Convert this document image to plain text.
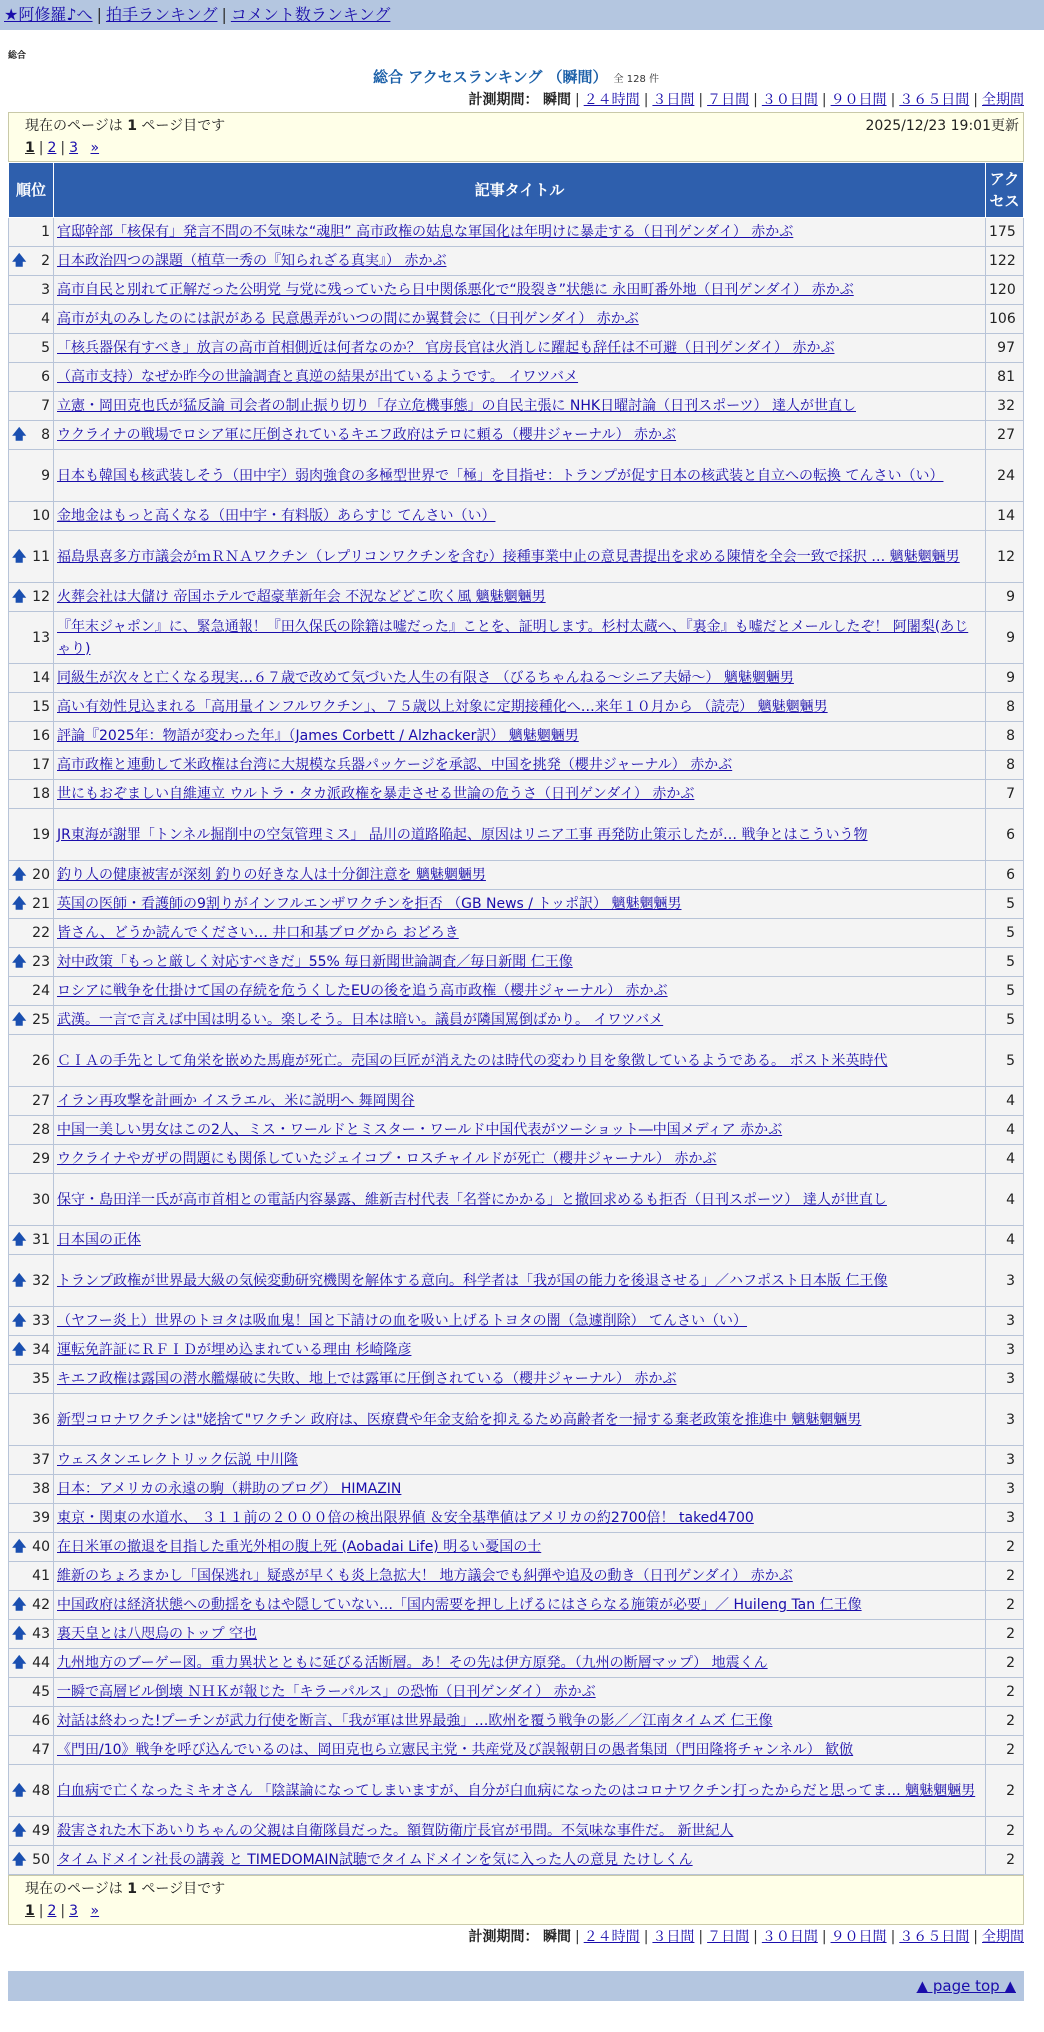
★阿修羅♪へ | 拍手ランキング | コメント数ランキング
総合
総合 アクセスランキング （瞬間） 全 128 件
計測期間： 瞬間 | ２４時間 | ３日間 | ７日間 | ３０日間 | ９０日間 | ３６５日間 | 全期間
現在のページは 1 ページ目です	2025/12/23 19:01更新
1 | 2 | 3 »
順位	記事タイトル	アクセス
1	官邸幹部「核保有」発言不問の不気味な“魂胆” 高市政権の姑息な軍国化は年明けに暴走する（日刊ゲンダイ） 赤かぶ	175

🡅 2	日本政治四つの課題（植草一秀の『知られざる真実』） 赤かぶ	122
3	高市自民と別れて正解だった公明党 与党に残っていたら日中関係悪化で“股裂き”状態に 永田町番外地（日刊ゲンダイ） 赤かぶ	120
4	高市が丸のみしたのには訳がある 民意愚弄がいつの間にか翼賛会に（日刊ゲンダイ） 赤かぶ	106
5	「核兵器保有すべき」放言の高市首相側近は何者なのか？ 官房長官は火消しに躍起も辞任は不可避（日刊ゲンダイ） 赤かぶ	97
6	（高市支持）なぜか昨今の世論調査と真逆の結果が出ているようです。 イワツバメ	81
7	立憲・岡田克也氏が猛反論 司会者の制止振り切り「存立危機事態」の自民主張に NHK日曜討論（日刊スポーツ） 達人が世直し	32

🡅 8	ウクライナの戦場でロシア軍に圧倒されているキエフ政府はテロに頼る（櫻井ジャーナル） 赤かぶ	27
9	日本も韓国も核武装しそう（田中宇）弱肉強食の多極型世界で「極」を目指せ：トランプが促す日本の核武装と自立への転換 てんさい（い）	24
10	金地金はもっと高くなる（田中宇・有料版）あらすじ てんさい（い）	14

🡅 11	福島県喜多方市議会がｍＲＮＡワクチン（レプリコンワクチンを含む）接種事業中止の意見書提出を求める陳情を全会一致で採択 … 魑魅魍魎男	12

🡅 12	火葬会社は大儲け 帝国ホテルで超豪華新年会 不況などどこ吹く風 魑魅魍魎男	9
13	『年末ジャポン』に、緊急通報！『田久保氏の除籍は嘘だった』ことを、証明します。杉村太蔵へ、『裏金』も嘘だとメールしたぞ！ 阿闍梨(あじゃり)	9
14	同級生が次々と亡くなる現実…６７歳で改めて気づいた人生の有限さ （びるちゃんねる～シニア夫婦～） 魑魅魍魎男	9
15	高い有効性見込まれる「高用量インフルワクチン」、７５歳以上対象に定期接種化へ…来年１０月から （読売） 魑魅魍魎男	8
16	評論『2025年：物語が変わった年』（James Corbett / Alzhacker訳） 魑魅魍魎男	8
17	高市政権と連動して米政権は台湾に大規模な兵器パッケージを承認、中国を挑発（櫻井ジャーナル） 赤かぶ	8
18	世にもおぞましい自維連立 ウルトラ・タカ派政権を暴走させる世論の危うさ（日刊ゲンダイ） 赤かぶ	7
19	JR東海が謝罪「トンネル掘削中の空気管理ミス」 品川の道路陥起、原因はリニア工事 再発防止策示したが… 戦争とはこういう物	6

🡅 20	釣り人の健康被害が深刻 釣りの好きな人は十分御注意を 魑魅魍魎男	6

🡅 21	英国の医師・看護師の9割りがインフルエンザワクチンを拒否 （GB News / トッポ訳） 魑魅魍魎男	5
22	皆さん、どうか読んでください… 井口和基ブログから おどろき	5

🡅 23	対中政策「もっと厳しく対応すべきだ」55% 毎日新聞世論調査／毎日新聞 仁王像	5
24	ロシアに戦争を仕掛けて国の存続を危うくしたEUの後を追う高市政権（櫻井ジャーナル） 赤かぶ	5

🡅 25	武漢。一言で言えば中国は明るい。楽しそう。日本は暗い。議員が隣国罵倒ばかり。 イワツバメ	5
26	ＣＩＡの手先として角栄を嵌めた馬鹿が死亡。売国の巨匠が消えたのは時代の変わり目を象徴しているようである。 ポスト米英時代	5
27	イラン再攻撃を計画か イスラエル、米に説明へ 舞岡関谷	4
28	中国一美しい男女はこの2人、ミス・ワールドとミスター・ワールド中国代表がツーショット―中国メディア 赤かぶ	4
29	ウクライナやガザの問題にも関係していたジェイコブ・ロスチャイルドが死亡（櫻井ジャーナル） 赤かぶ	4
30	保守・島田洋一氏が高市首相との電話内容暴露、維新吉村代表「名誉にかかる」と撤回求めるも拒否（日刊スポーツ） 達人が世直し	4

🡅 31	日本国の正体	4

🡅 32	トランプ政権が世界最大級の気候変動研究機関を解体する意向。科学者は「我が国の能力を後退させる」／ハフポスト日本版 仁王像	3

🡅 33	（ヤフー炎上）世界のトヨタは吸血鬼！国と下請けの血を吸い上げるトヨタの闇（急遽削除） てんさい（い）	3

🡅 34	運転免許証にＲＦＩＤが埋め込まれている理由 杉崎隆彦	3
35	キエフ政権は露国の潜水艦爆破に失敗、地上では露軍に圧倒されている（櫻井ジャーナル） 赤かぶ	3
36	新型コロナワクチンは"姥捨て"ワクチン 政府は、医療費や年金支給を抑えるため高齢者を一掃する棄老政策を推進中 魑魅魍魎男	3
37	ウェスタンエレクトリック伝説 中川隆	3
38	日本：アメリカの永遠の駒（耕助のブログ） HIMAZIN	3
39	東京・関東の水道水、 ３１１前の２０００倍の検出限界値 ＆安全基準値はアメリカの約2700倍！ taked4700	3

🡅 40	在日米軍の撤退を目指した重光外相の腹上死 (Aobadai Life) 明るい憂国の士	2
41	維新のちょろまかし「国保逃れ」疑惑が早くも炎上急拡大！ 地方議会でも糾弾や追及の動き（日刊ゲンダイ） 赤かぶ	2

🡅 42	中国政府は経済状態への動揺をもはや隠していない…「国内需要を押し上げるにはさらなる施策が必要」／ Huileng Tan 仁王像	2

🡅 43	裏天皇とは八咫烏のトップ 空也	2

🡅 44	九州地方のブーゲー図。重力異状とともに延びる活断層。あ！その先は伊方原発。（九州の断層マップ） 地震くん	2
45	一瞬で高層ビル倒壊 ＮＨＫが報じた「キラーパルス」の恐怖（日刊ゲンダイ） 赤かぶ	2
46	対話は終わった!プーチンが武力行使を断言、「我が軍は世界最強」…欧州を覆う戦争の影／／江南タイムズ 仁王像	2
47	《門田/10》戦争を呼び込んでいるのは、岡田克也ら立憲民主党・共産党及び誤報朝日の愚者集団（門田隆将チャンネル） 歓倣	2

🡅 48	白血病で亡くなったミキオさん 「陰謀論になってしまいますが、自分が白血病になったのはコロナワクチン打ったからだと思ってま… 魑魅魍魎男	2

🡅 49	殺害された木下あいりちゃんの父親は自衛隊員だった。額賀防衛庁長官が弔問。不気味な事件だ。 新世紀人	2

🡅 50	タイムドメイン社長の講義 と TIMEDOMAIN試聴でタイムドメインを気に入った人の意見 たけしくん	2
現在のページは 1 ページ目です
1 | 2 | 3 »
計測期間： 瞬間 | ２４時間 | ３日間 | ７日間 | ３０日間 | ９０日間 | ３６５日間 | 全期間
▲ page top ▲
